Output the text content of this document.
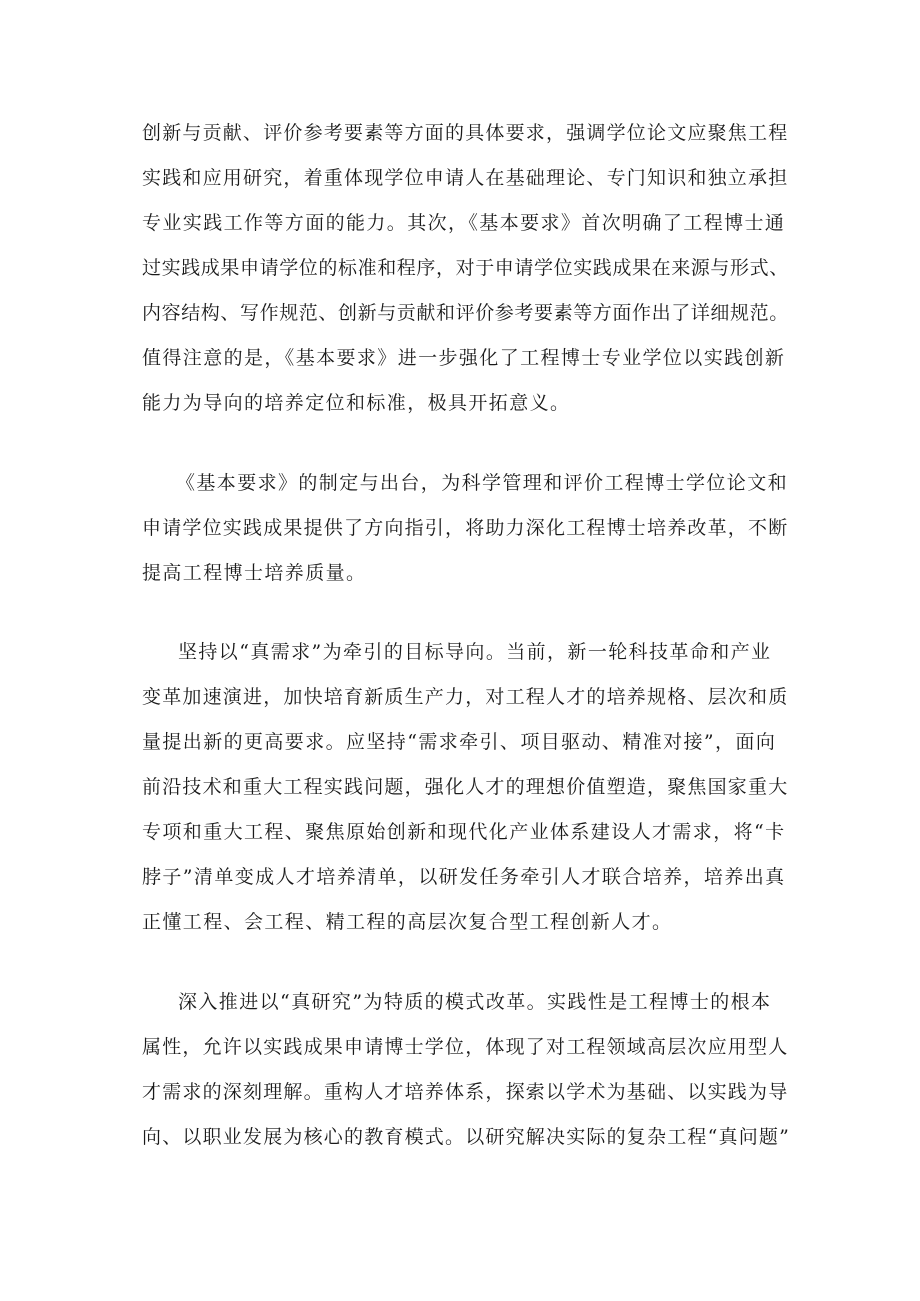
创新与贡献、评价参考要素等方面的具体要求，强调学位论文应聚焦工程
实践和应用研究，着重体现学位申请人在基础理论、专门知识和独立承担
专业实践工作等方面的能力。其次，《基本要求》首次明确了工程博士通
过实践成果申请学位的标准和程序，对于申请学位实践成果在来源与形式、
内容结构、写作规范、创新与贡献和评价参考要素等方面作出了详细规范。
值得注意的是，《基本要求》进一步强化了工程博士专业学位以实践创新
能力为导向的培养定位和标准，极具开拓意义。
《基本要求》的制定与出台，为科学管理和评价工程博士学位论文和
申请学位实践成果提供了方向指引，将助力深化工程博士培养改革，不断
提高工程博士培养质量。
坚持以“真需求”为牵引的目标导向。当前，新一轮科技革命和产业
变革加速演进，加快培育新质生产力，对工程人才的培养规格、层次和质
量提出新的更高要求。应坚持“需求牵引、项目驱动、精准对接”，面向
前沿技术和重大工程实践问题，强化人才的理想价值塑造，聚焦国家重大
专项和重大工程、聚焦原始创新和现代化产业体系建设人才需求，将“卡
脖子”清单变成人才培养清单，以研发任务牵引人才联合培养，培养出真
正懂工程、会工程、精工程的高层次复合型工程创新人才。
深入推进以“真研究”为特质的模式改革。实践性是工程博士的根本
属性，允许以实践成果申请博士学位，体现了对工程领域高层次应用型人
才需求的深刻理解。重构人才培养体系，探索以学术为基础、以实践为导
向、以职业发展为核心的教育模式。以研究解决实际的复杂工程“真问题”
